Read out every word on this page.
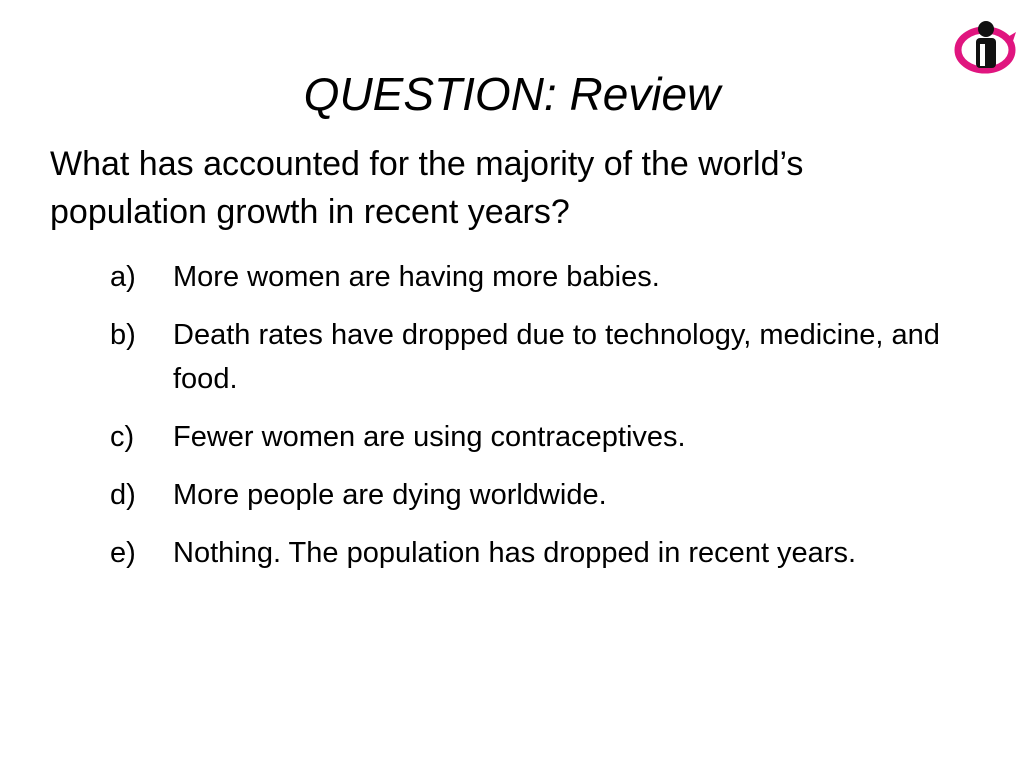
QUESTION: Review
What has accounted for the majority of the world’s population growth in recent years?
a)	More women are having more babies.
b)	Death rates have dropped due to technology, medicine, and food.
c)	Fewer women are using contraceptives.
d)	More people are dying worldwide.
e)	Nothing. The population has dropped in recent years.
